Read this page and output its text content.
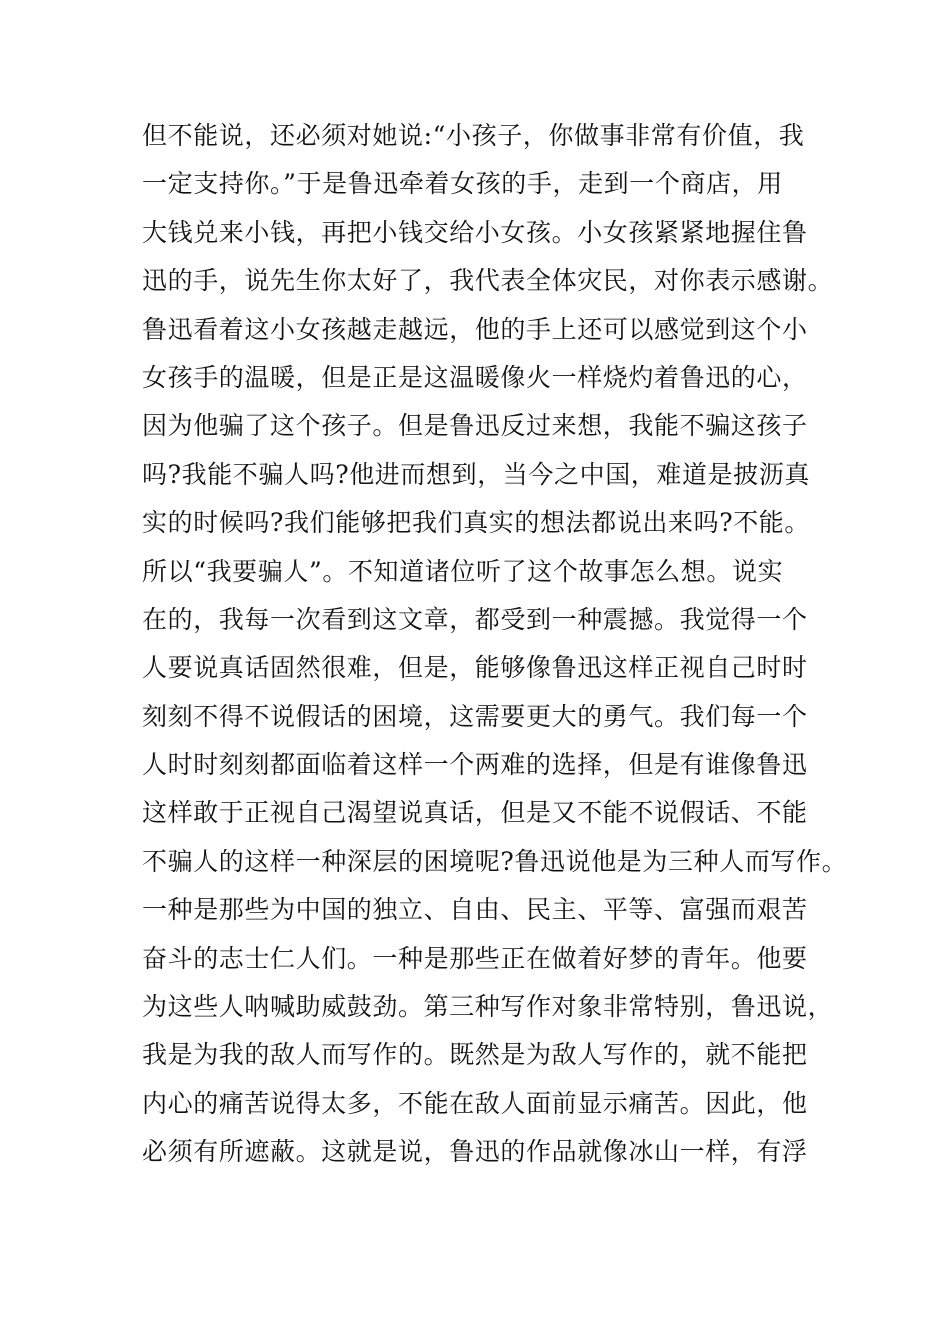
但不能说，还必须对她说:“小孩子，你做事非常有价值，我
一定支持你。”于是鲁迅牵着女孩的手，走到一个商店，用
大钱兑来小钱，再把小钱交给小女孩。小女孩紧紧地握住鲁
迅的手，说先生你太好了，我代表全体灾民，对你表示感谢。
鲁迅看着这小女孩越走越远，他的手上还可以感觉到这个小
女孩手的温暖，但是正是这温暖像火一样烧灼着鲁迅的心，
因为他骗了这个孩子。但是鲁迅反过来想，我能不骗这孩子
吗?我能不骗人吗?他进而想到，当今之中国，难道是披沥真
实的时候吗?我们能够把我们真实的想法都说出来吗?不能。
所以“我要骗人”。不知道诸位听了这个故事怎么想。说实
在的，我每一次看到这文章，都受到一种震撼。我觉得一个
人要说真话固然很难，但是，能够像鲁迅这样正视自己时时
刻刻不得不说假话的困境，这需要更大的勇气。我们每一个
人时时刻刻都面临着这样一个两难的选择，但是有谁像鲁迅
这样敢于正视自己渴望说真话，但是又不能不说假话、不能
不骗人的这样一种深层的困境呢?鲁迅说他是为三种人而写作。
一种是那些为中国的独立、自由、民主、平等、富强而艰苦
奋斗的志士仁人们。一种是那些正在做着好梦的青年。他要
为这些人呐喊助威鼓劲。第三种写作对象非常特别，鲁迅说，
我是为我的敌人而写作的。既然是为敌人写作的，就不能把
内心的痛苦说得太多，不能在敌人面前显示痛苦。因此，他
必须有所遮蔽。这就是说，鲁迅的作品就像冰山一样，有浮
